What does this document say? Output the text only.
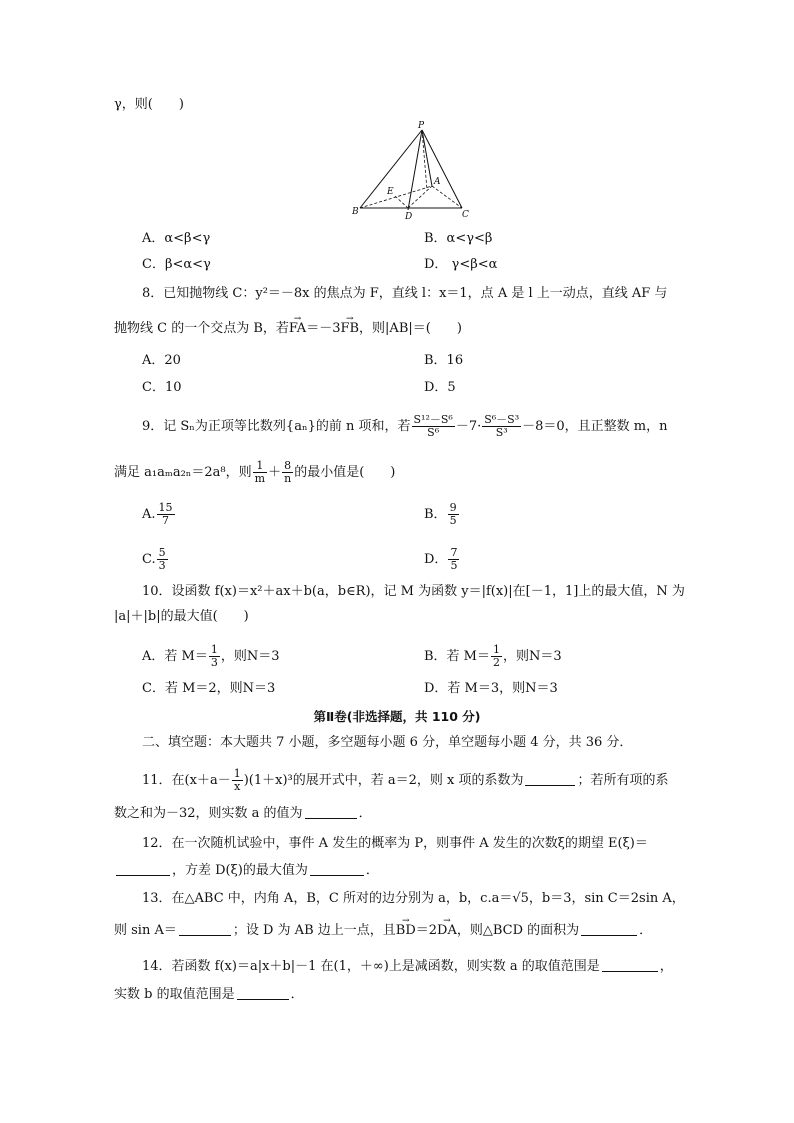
γ，则(　　)
P
A
B	C
D
E
A．α<β<γ	B．α<γ<β
C．β<α<γ	D． γ<β<α
8．已知抛物线 C：y²＝－8x 的焦点为 F，直线 l：x＝1，点 A 是 l 上一动点，直线 AF 与
抛物线 C 的一个交点为 B，若→ FA＝－3→ FB，则|AB|＝(　　)
A．20	B．16
C．10	D．5
9．记 Sₙ为正项等比数列{aₙ}的前 n 项和，若 $\frac{\text{S¹²－S⁶}}{\text{S⁶}} -7\cdot \frac{\text{S⁶－S³}}{\text{S³}} -8=0$，且正整数 m，n
满足 a₁aₘa₂ₙ＝2a⁸，则 $\frac{1}{m} + \frac{8}{n}$ 的最小值是(　　)
A. $\frac{15}{7}$	B． $\frac{9}{5}$
C. $\frac{5}{3}$	D． $\frac{7}{5}$
10．设函数 f(x)＝x²＋ax＋b(a，b∈R)，记 M 为函数 y＝|f(x)|在[－1，1]上的最大值，N 为
|a|＋|b|的最大值(　　)
A．若 $M= \frac{1}{3}$ ，则N＝3	B．若 $M= \frac{1}{2}$ ，则N＝3
C．若 M＝2，则N＝3	D．若 M＝3，则N＝3
第Ⅱ卷(非选择题，共 110 分)
二、填空题：本大题共 7 小题，多空题每小题 6 分，单空题每小题 4 分，共 36 分．
11．在$(x+a- \frac{1}{x} )(1+x)^3$的展开式中，若 a＝2，则 x 项的系数为	；若所有项的系
数之和为－32，则实数 a 的值为	．
12．在一次随机试验中，事件 A 发生的概率为 P，则事件 A 发生的次数ξ的期望 E(ξ)＝
，方差 D(ξ)的最大值为	．
13．在△ABC 中，内角 A，B，C 所对的边分别为 a，b，c.a＝√5，b＝3，sin C＝2sin A，
则 sin A＝	；设 D 为 AB 边上一点，且→ BD＝2→ DA，则△BCD 的面积为	．
14．若函数 f(x)＝a|x＋b|－1 在(1，＋∞)上是减函数，则实数 a 的取值范围是	，
实数 b 的取值范围是	．
